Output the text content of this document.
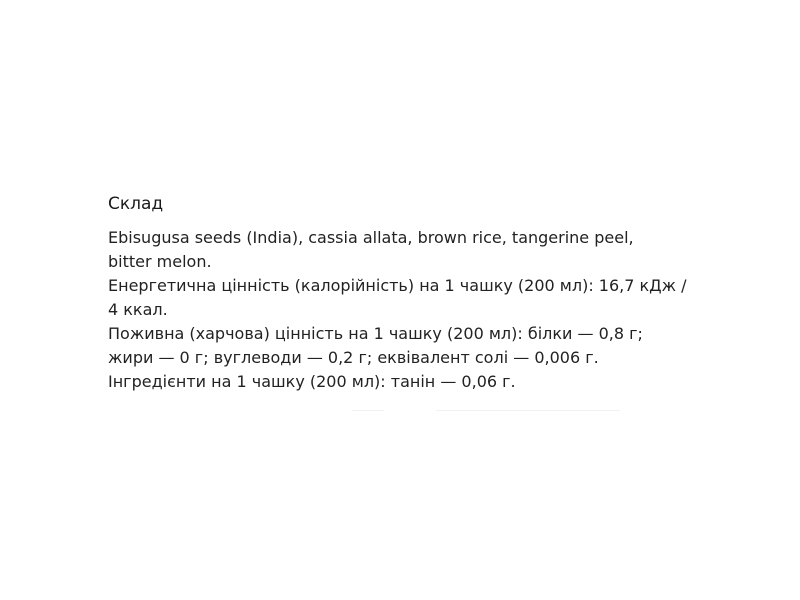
Склад

Ebisugusa seeds (India), cassia allata, brown rice, tangerine peel,

bitter melon.

Енергетична цінність (калорійність) на 1 чашку (200 мл): 16,7 кДж /

4 ккал.

Поживна (харчова) цінність на 1 чашку (200 мл): білки — 0,8 г;

жири — 0 г; вуглеводи — 0,2 г; еквівалент солі — 0,006 г.

Інгредієнти на 1 чашку (200 мл): танін — 0,06 г.
